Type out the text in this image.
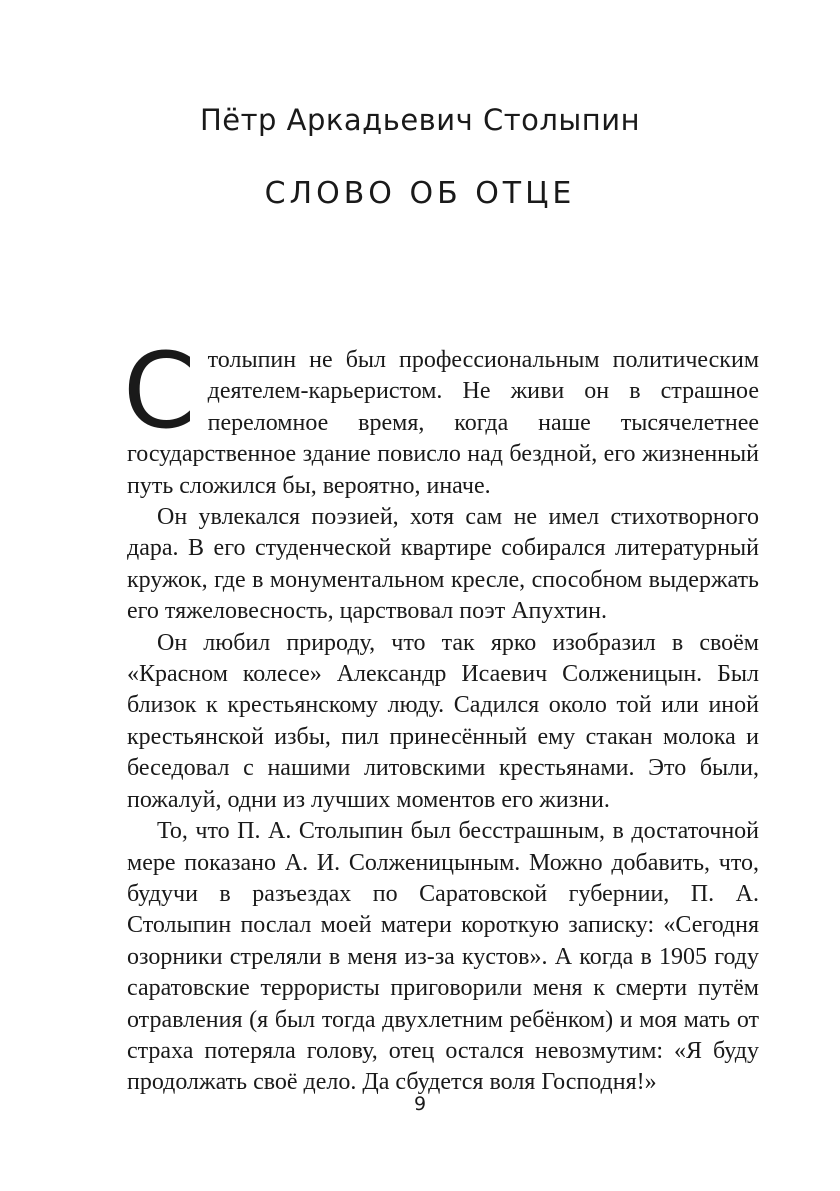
Пётр Аркадьевич Столыпин
СЛОВО ОБ ОТЦЕ

Столыпин не был профессиональным политическим деятелем-карьеристом. Не живи он в страшное переломное время, когда наше тысячелетнее государственное здание повисло над бездной, его жизненный путь сложился бы, вероятно, иначе.

Он увлекался поэзией, хотя сам не имел стихотворного дара. В его студенческой квартире собирался литературный кружок, где в монументальном кресле, способном выдержать его тяжеловесность, царствовал поэт Апухтин.

Он любил природу, что так ярко изобразил в своём «Красном колесе» Александр Исаевич Солженицын. Был близок к крестьянскому люду. Садился около той или иной крестьянской избы, пил принесённый ему стакан молока и беседовал с нашими литовскими крестьянами. Это были, пожалуй, одни из лучших моментов его жизни.

То, что П. А. Столыпин был бесстрашным, в достаточной мере показано А. И. Солженицыным. Можно добавить, что, будучи в разъездах по Саратовской губернии, П. А. Столыпин послал моей матери короткую записку: «Сегодня озорники стреляли в меня из-за кустов». А когда в 1905 году саратовские террористы приговорили меня к смерти путём отравления (я был тогда двухлетним ребёнком) и моя мать от страха потеряла голову, отец остался невозмутим: «Я буду продолжать своё дело. Да сбудется воля Господня!»

9
